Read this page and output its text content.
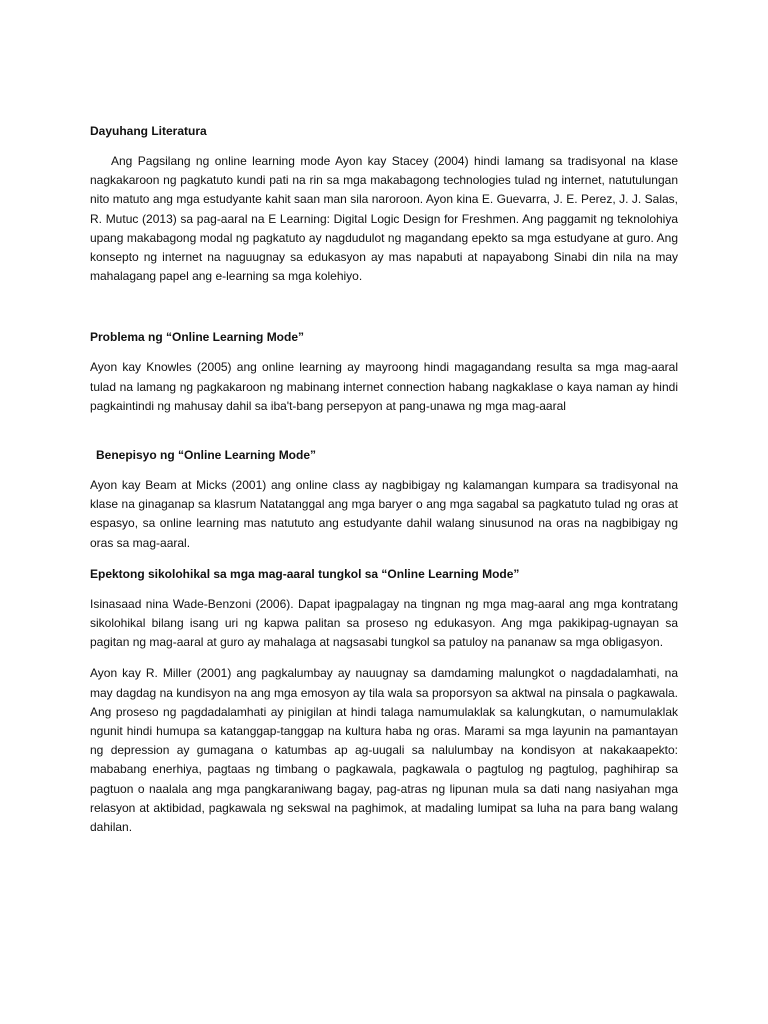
Dayuhang Literatura

Ang Pagsilang ng online learning mode Ayon kay Stacey (2004) hindi lamang sa tradisyonal na klase nagkakaroon ng pagkatuto kundi pati na rin sa mga makabagong technologies tulad ng internet, natutulungan nito matuto ang mga estudyante kahit saan man sila naroroon. Ayon kina E. Guevarra, J. E. Perez, J. J. Salas, R. Mutuc (2013) sa pag-aaral na E Learning: Digital Logic Design for Freshmen. Ang paggamit ng teknolohiya upang makabagong modal ng pagkatuto ay nagdudulot ng magandang epekto sa mga estudyane at guro. Ang konsepto ng internet na naguugnay sa edukasyon ay mas napabuti at napayabong Sinabi din nila na may mahalagang papel ang e-learning sa mga kolehiyo.

Problema ng “Online Learning Mode”

Ayon kay Knowles (2005) ang online learning ay mayroong hindi magagandang resulta sa mga mag-aaral tulad na lamang ng pagkakaroon ng mabinang internet connection habang nagkaklase o kaya naman ay hindi pagkaintindi ng mahusay dahil sa iba't-bang persepyon at pang-unawa ng mga mag-aaral

Benepisyo ng “Online Learning Mode”

Ayon kay Beam at Micks (2001) ang online class ay nagbibigay ng kalamangan kumpara sa tradisyonal na klase na ginaganap sa klasrum Natatanggal ang mga baryer o ang mga sagabal sa pagkatuto tulad ng oras at espasyo, sa online learning mas natututo ang estudyante dahil walang sinusunod na oras na nagbibigay ng oras sa mag-aaral.

Epektong sikolohikal sa mga mag-aaral tungkol sa “Online Learning Mode”

Isinasaad nina Wade-Benzoni (2006). Dapat ipagpalagay na tingnan ng mga mag-aaral ang mga kontratang sikolohikal bilang isang uri ng kapwa palitan sa proseso ng edukasyon. Ang mga pakikipag-ugnayan sa pagitan ng mag-aaral at guro ay mahalaga at nagsasabi tungkol sa patuloy na pananaw sa mga obligasyon.

Ayon kay R. Miller (2001) ang pagkalumbay ay nauugnay sa damdaming malungkot o nagdadalamhati, na may dagdag na kundisyon na ang mga emosyon ay tila wala sa proporsyon sa aktwal na pinsala o pagkawala. Ang proseso ng pagdadalamhati ay pinigilan at hindi talaga namumulaklak sa kalungkutan, o namumulaklak ngunit hindi humupa sa katanggap-tanggap na kultura haba ng oras. Marami sa mga layunin na pamantayan ng depression ay gumagana o katumbas ap ag-uugali sa nalulumbay na kondisyon at nakakaapekto: mababang enerhiya, pagtaas ng timbang o pagkawala, pagkawala o pagtulog ng pagtulog, paghihirap sa pagtuon o naalala ang mga pangkaraniwang bagay, pag-atras ng lipunan mula sa dati nang nasiyahan mga relasyon at aktibidad, pagkawala ng sekswal na paghimok, at madaling lumipat sa luha na para bang walang dahilan.
